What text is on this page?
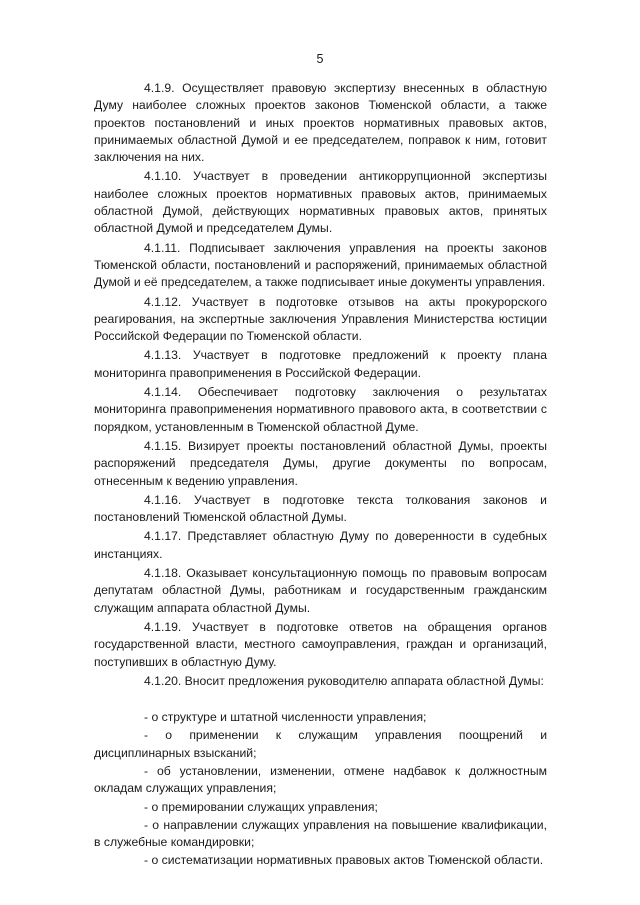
5

4.1.9. Осуществляет правовую экспертизу внесенных в областную Думу наиболее сложных проектов законов Тюменской области, а также проектов постановлений и иных проектов нормативных правовых актов, принимаемых областной Думой и ее председателем, поправок к ним, готовит заключения на них.

4.1.10. Участвует в проведении антикоррупционной экспертизы наиболее сложных проектов нормативных правовых актов, принимаемых областной Думой, действующих нормативных правовых актов, принятых областной Думой и председателем Думы.

4.1.11. Подписывает заключения управления на проекты законов Тюменской области, постановлений и распоряжений, принимаемых областной Думой и её председателем, а также подписывает иные документы управления.

4.1.12. Участвует в подготовке отзывов на акты прокурорского реагирования, на экспертные заключения Управления Министерства юстиции Российской Федерации по Тюменской области.

4.1.13. Участвует в подготовке предложений к проекту плана мониторинга правоприменения в Российской Федерации.

4.1.14. Обеспечивает подготовку заключения о результатах мониторинга правоприменения нормативного правового акта, в соответствии с порядком, установленным в Тюменской областной Думе.

4.1.15. Визирует проекты постановлений областной Думы, проекты распоряжений председателя Думы, другие документы по вопросам, отнесенным к ведению управления.

4.1.16. Участвует в подготовке текста толкования законов и постановлений Тюменской областной Думы.

4.1.17. Представляет областную Думу по доверенности в судебных инстанциях.

4.1.18. Оказывает консультационную помощь по правовым вопросам депутатам областной Думы, работникам и государственным гражданским служащим аппарата областной Думы.

4.1.19. Участвует в подготовке ответов на обращения органов государственной власти, местного самоуправления, граждан и организаций, поступивших в областную Думу.

4.1.20. Вносит предложения руководителю аппарата областной Думы:

- о структуре и штатной численности управления;

- о применении к служащим управления поощрений и дисциплинарных взысканий;

- об установлении, изменении, отмене надбавок к должностным окладам служащих управления;

- о премировании служащих управления;

- о направлении служащих управления на повышение квалификации, в служебные командировки;

- о систематизации нормативных правовых актов Тюменской области.
